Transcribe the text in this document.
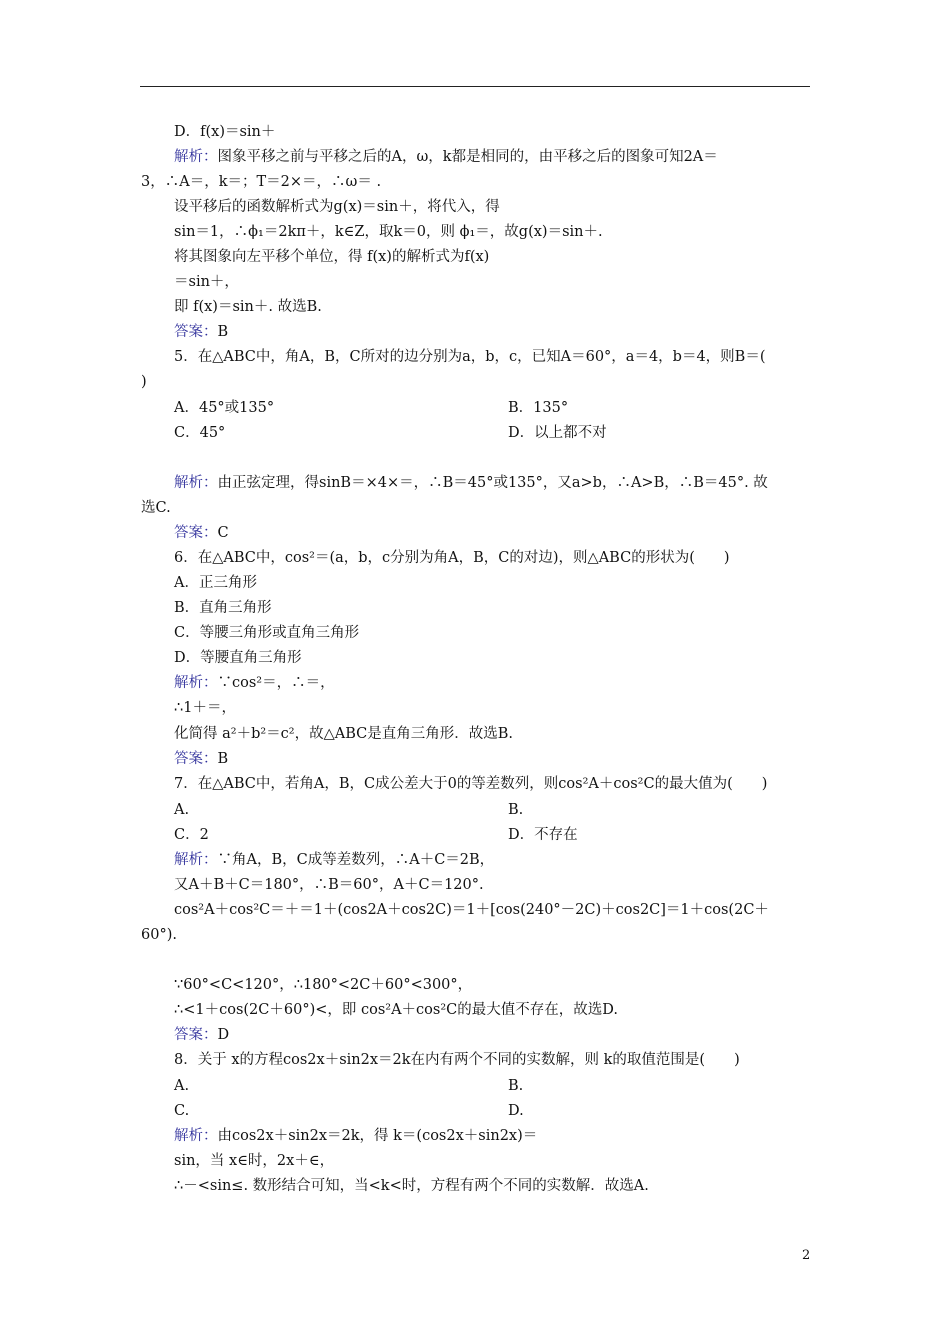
D．f(x)＝sin＋
解析：图象平移之前与平移之后的A，ω，k都是相同的，由平移之后的图象可知2A＝
3，∴A＝，k＝；T＝2×＝，∴ω＝ .
设平移后的函数解析式为g(x)＝sin＋，将代入，得
sin＝1，∴ϕ₁＝2kπ＋，k∈Z，取k＝0，则 ϕ₁＝，故g(x)＝sin＋.
将其图象向左平移个单位，得 f(x)的解析式为f(x)
＝sin＋，
即 f(x)＝sin＋. 故选B.
答案：B
5．在△ABC中，角A，B，C所对的边分别为a，b，c，已知A＝60°，a＝4，b＝4，则B＝(
)
A．45°或135°	B．135°
C．45°	D．以上都不对
解析：由正弦定理，得sinB＝×4×＝，∴B＝45°或135°，又a>b，∴A>B，∴B＝45°. 故
选C.
答案：C
6．在△ABC中，cos²＝(a，b，c分别为角A，B，C的对边)，则△ABC的形状为(　　)
A．正三角形
B．直角三角形
C．等腰三角形或直角三角形
D．等腰直角三角形
解析：∵cos²＝，∴＝，
∴1＋＝，
化简得 a²＋b²＝c²，故△ABC是直角三角形．故选B.
答案：B
7．在△ABC中，若角A，B，C成公差大于0的等差数列，则cos²A＋cos²C的最大值为(　　)
A.	B.
C．2	D．不存在
解析：∵角A，B，C成等差数列，∴A＋C＝2B，
又A＋B＋C＝180°，∴B＝60°，A＋C＝120°.
cos²A＋cos²C＝＋＝1＋(cos2A＋cos2C)＝1＋[cos(240°－2C)＋cos2C]＝1＋cos(2C＋
60°).
∵60°<C<120°，∴180°<2C＋60°<300°，
∴<1＋cos(2C＋60°)<，即 cos²A＋cos²C的最大值不存在，故选D.
答案：D
8．关于 x的方程cos2x＋sin2x＝2k在内有两个不同的实数解，则 k的取值范围是(　　)
A.	B.
C.	D.
解析：由cos2x＋sin2x＝2k，得 k＝(cos2x＋sin2x)＝
sin，当 x∈时，2x＋∈，
∴－<sin≤. 数形结合可知，当<k<时，方程有两个不同的实数解．故选A.
2
